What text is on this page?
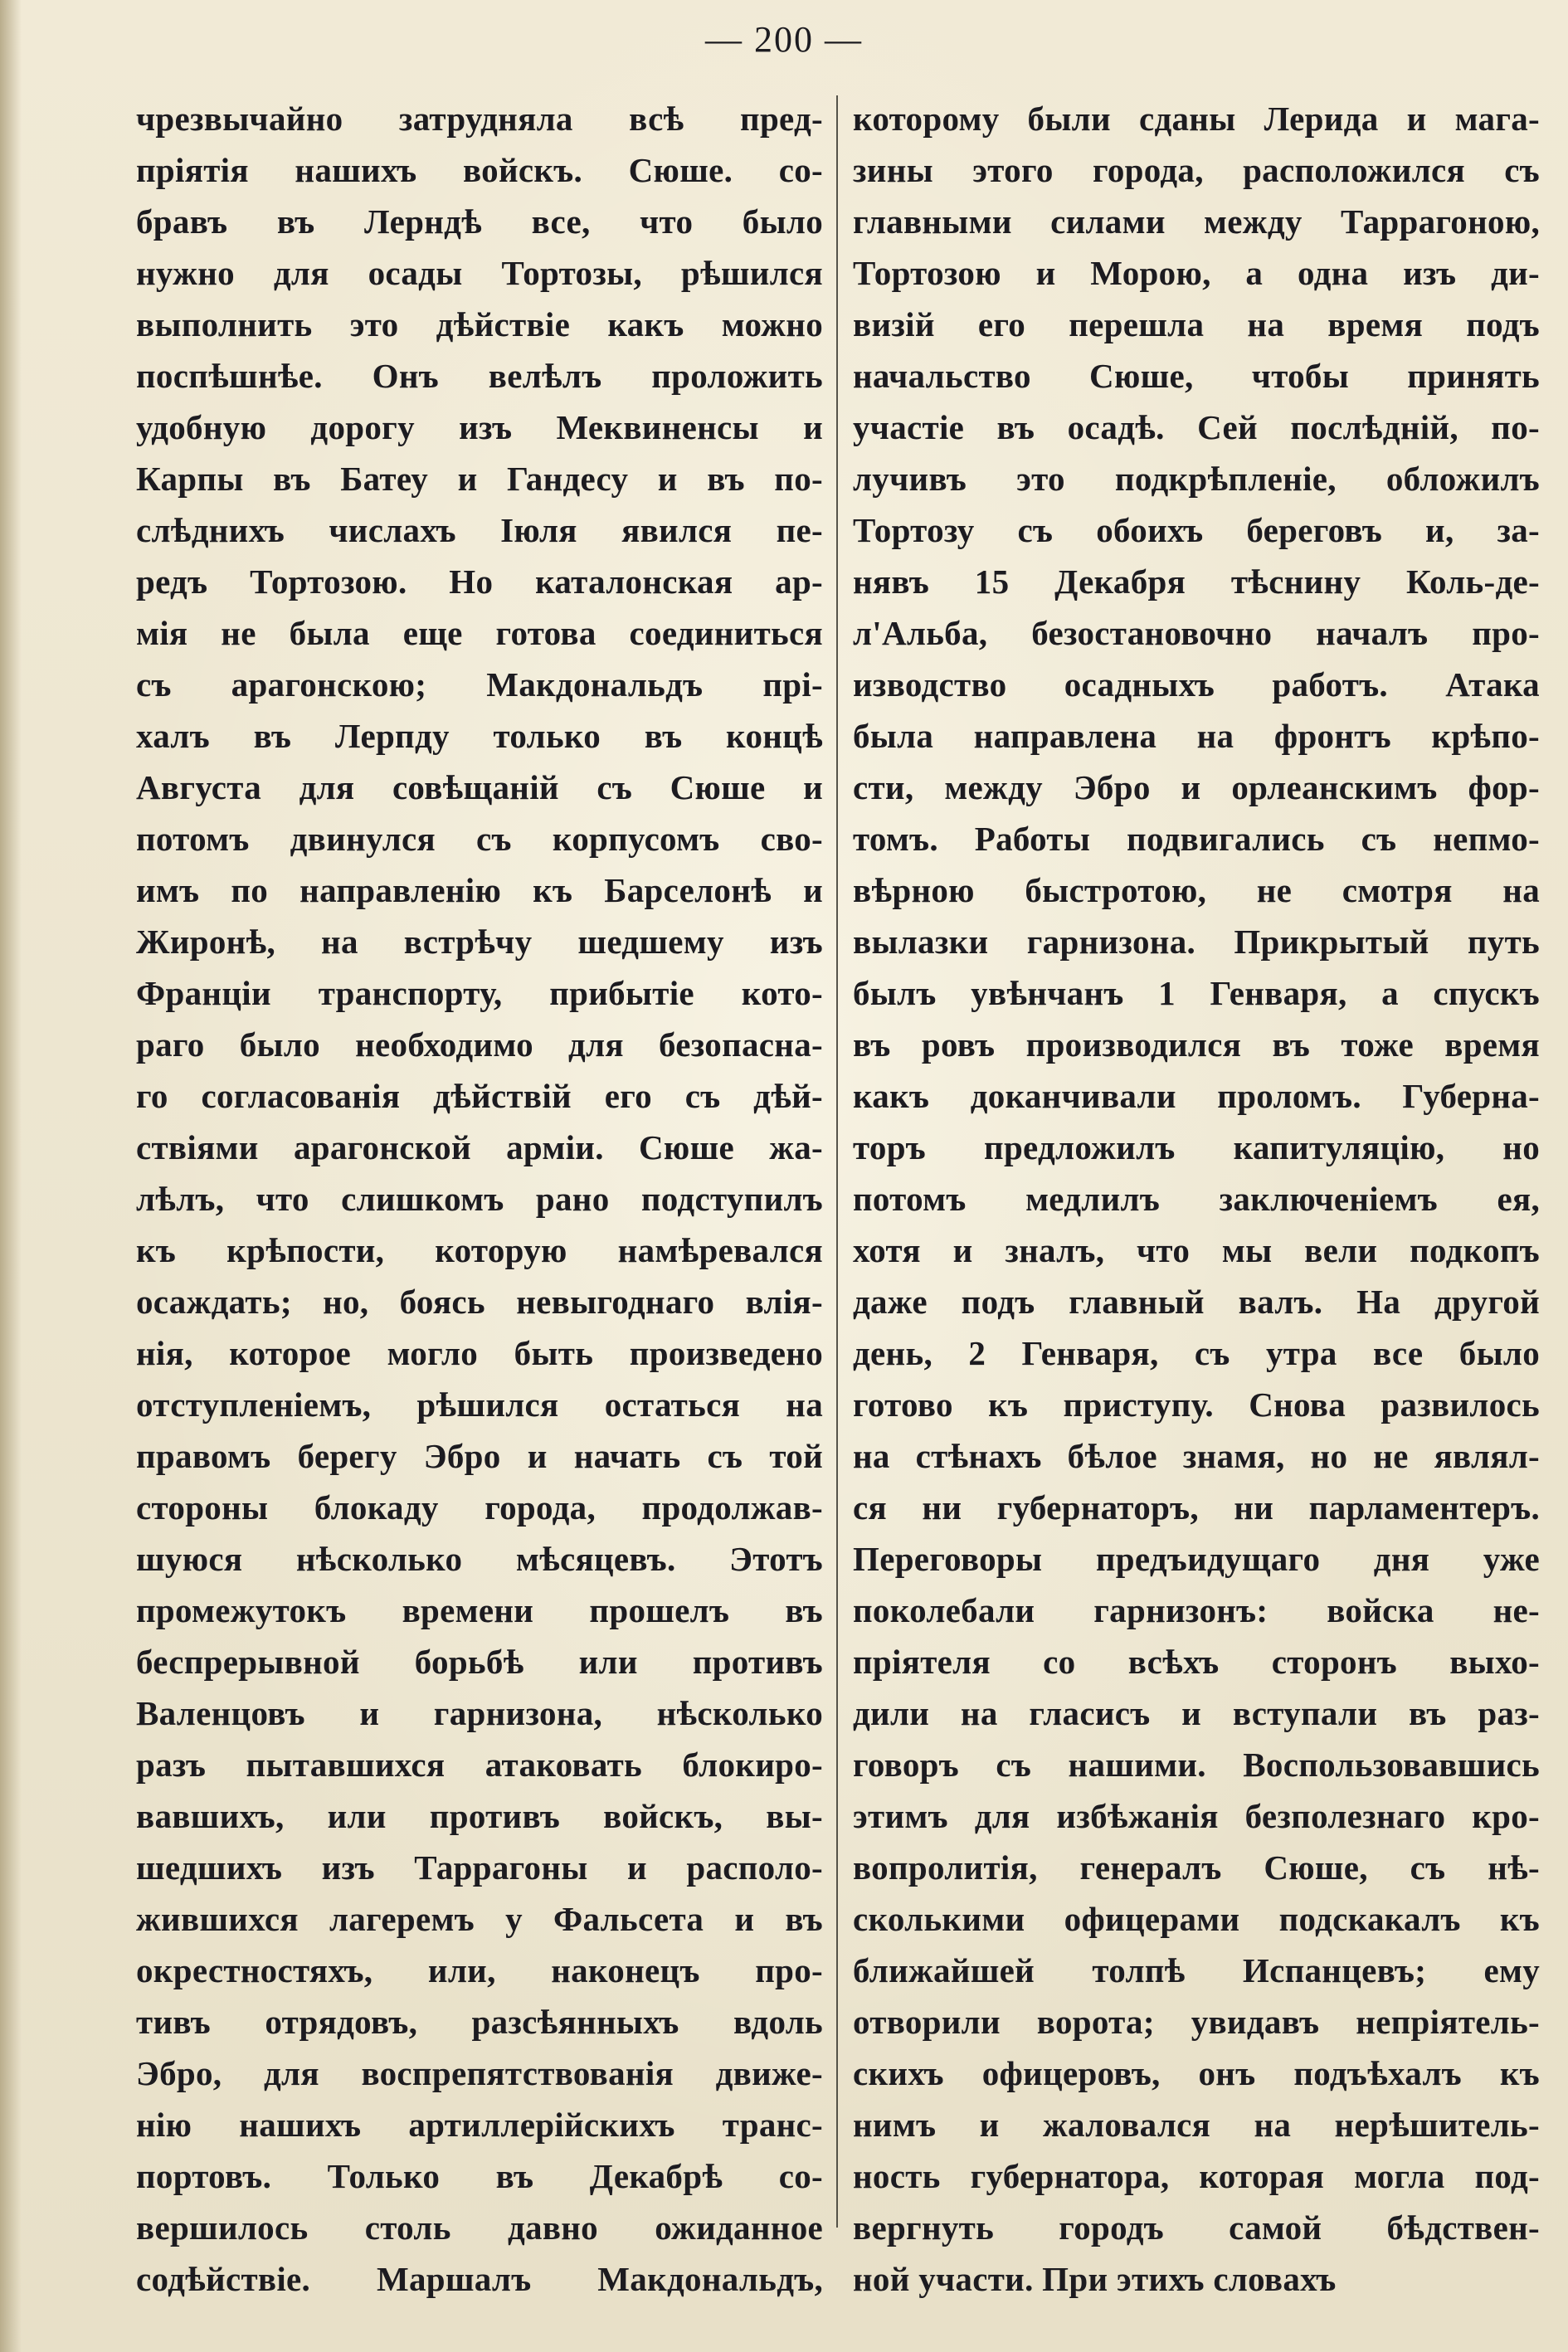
— 200 —
чрезвычайно затрудняла всѣ пред-
пріятія нашихъ войскъ. Сюше. со-
бравъ въ Лерндѣ все, что было
нужно для осады Тортозы, рѣшился
выполнить это дѣйствіе какъ можно
поспѣшнѣе. Онъ велѣлъ проложить
удобную дорогу изъ Меквиненсы и
Карпы въ Батеу и Гандесу и въ по-
слѣднихъ числахъ Іюля явился пе-
редъ Тортозою. Но каталонская ар-
мія не была еще готова соединиться
съ арагонскою; Макдональдъ прі-
халъ въ Лерпду только въ концѣ
Августа для совѣщаній съ Сюше и
потомъ двинулся съ корпусомъ сво-
имъ по направленію къ Барселонѣ и
Жиронѣ, на встрѣчу шедшему изъ
Франціи транспорту, прибытіе кото-
раго было необходимо для безопасна-
го согласованія дѣйствій его съ дѣй-
ствіями арагонской арміи. Сюше жа-
лѣлъ, что слишкомъ рано подступилъ
къ крѣпости, которую намѣревался
осаждать; но, боясь невыгоднаго влія-
нія, которое могло быть произведено
отступленіемъ, рѣшился остаться на
правомъ берегу Эбро и начать съ той
стороны блокаду города, продолжав-
шуюся нѣсколько мѣсяцевъ. Этотъ
промежутокъ времени прошелъ въ
беспрерывной борьбѣ или противъ
Валенцовъ и гарнизона, нѣсколько
разъ пытавшихся атаковать блокиро-
вавшихъ, или противъ войскъ, вы-
шедшихъ изъ Таррагоны и располо-
жившихся лагеремъ у Фальсета и въ
окрестностяхъ, или, наконецъ про-
тивъ отрядовъ, разсѣянныхъ вдоль
Эбро, для воспрепятствованія движе-
нію нашихъ артиллерійскихъ транс-
портовъ. Только въ Декабрѣ со-
вершилось столь давно ожиданное
содѣйствіе. Маршалъ Макдональдъ,
которому были сданы Лерида и мага-
зины этого города, расположился съ
главными силами между Таррагоною,
Тортозою и Морою, а одна изъ ди-
визій его перешла на время подъ
начальство Сюше, чтобы принять
участіе въ осадѣ. Сей послѣдній, по-
лучивъ это подкрѣпленіе, обложилъ
Тортозу съ обоихъ береговъ и, за-
нявъ 15 Декабря тѣснину Коль-де-
л'Альба, безостановочно началъ про-
изводство осадныхъ работъ. Атака
была направлена на фронтъ крѣпо-
сти, между Эбро и орлеанскимъ фор-
томъ. Работы подвигались съ непмо-
вѣрною быстротою, не смотря на
вылазки гарнизона. Прикрытый путь
былъ увѣнчанъ 1 Генваря, а спускъ
въ ровъ производился въ тоже время
какъ доканчивали проломъ. Губерна-
торъ предложилъ капитуляцію, но
потомъ медлилъ заключеніемъ ея,
хотя и зналъ, что мы вели подкопъ
даже подъ главный валъ. На другой
день, 2 Генваря, съ утра все было
готово къ приступу. Снова развилось
на стѣнахъ бѣлое знамя, но не являл-
ся ни губернаторъ, ни парламентеръ.
Переговоры предъидущаго дня уже
поколебали гарнизонъ: войска не-
пріятеля со всѣхъ сторонъ выхо-
дили на гласисъ и вступали въ раз-
говоръ съ нашими. Воспользовавшись
этимъ для избѣжанія безполезнаго кро-
вопролитія, генералъ Сюше, съ нѣ-
сколькими офицерами подскакалъ къ
ближайшей толпѣ Испанцевъ; ему
отворили ворота; увидавъ непріятель-
скихъ офицеровъ, онъ подъѣхалъ къ
нимъ и жаловался на нерѣшитель-
ность губернатора, которая могла под-
вергнуть городъ самой бѣдствен-
ной участи. При этихъ словахъ
